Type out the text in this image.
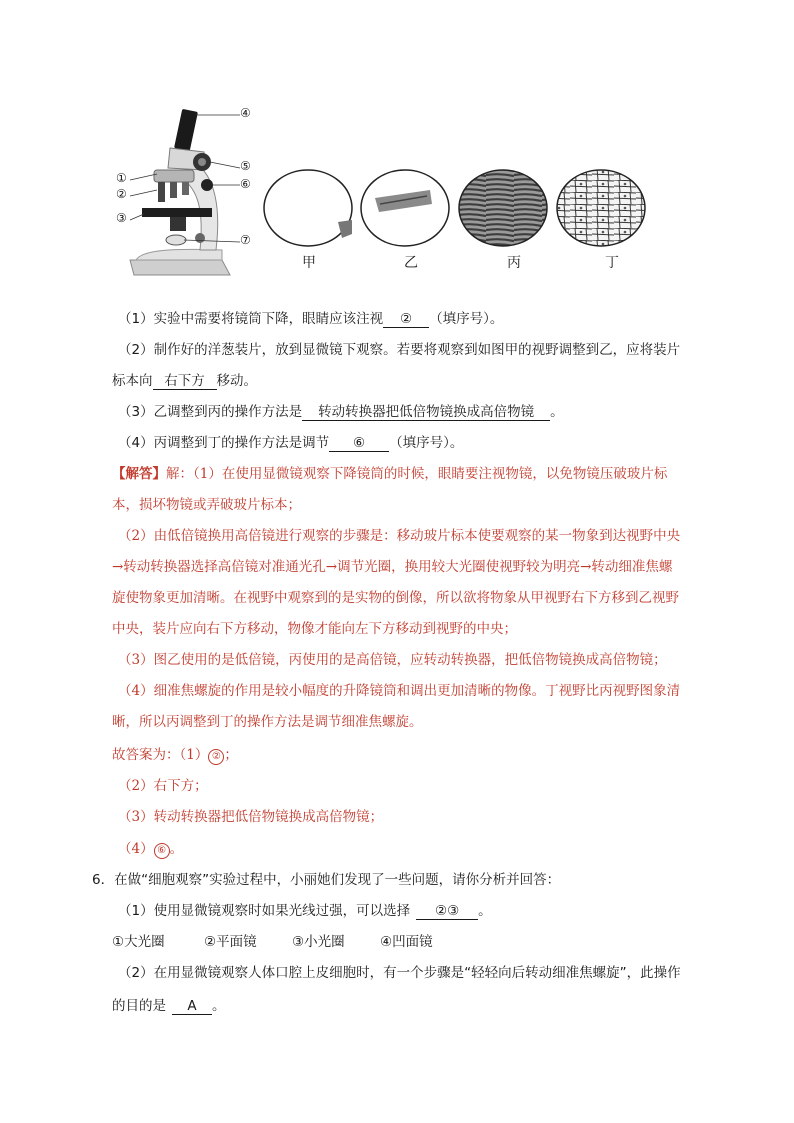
①
②
③
④
⑤
⑥
⑦
甲	乙	丙	丁
（1）实验中需要将镜筒下降，眼睛应该注视 ② （填序号）。
（2）制作好的洋葱装片，放到显微镜下观察。若要将观察到如图甲的视野调整到乙，应将装片
标本向 右下方 移动。
（3）乙调整到丙的操作方法是 转动转换器把低倍物镜换成高倍物镜 。
（4）丙调整到丁的操作方法是调节 ⑥ （填序号）。
【解答】解：（1）在使用显微镜观察下降镜筒的时候，眼睛要注视物镜，以免物镜压破玻片标
本，损坏物镜或弄破玻片标本；
（2）由低倍镜换用高倍镜进行观察的步骤是：移动玻片标本使要观察的某一物象到达视野中央
→转动转换器选择高倍镜对准通光孔→调节光圈，换用较大光圈使视野较为明亮→转动细准焦螺
旋使物象更加清晰。在视野中观察到的是实物的倒像，所以欲将物象从甲视野右下方移到乙视野
中央，装片应向右下方移动，物像才能向左下方移动到视野的中央；
（3）图乙使用的是低倍镜，丙使用的是高倍镜，应转动转换器，把低倍物镜换成高倍物镜；
（4）细准焦螺旋的作用是较小幅度的升降镜筒和调出更加清晰的物像。丁视野比丙视野图象清
晰，所以丙调整到丁的操作方法是调节细准焦螺旋。
故答案为：（1） ② ；
（2）右下方；
（3）转动转换器把低倍物镜换成高倍物镜；
（4） ⑥ 。
6．在做“细胞观察”实验过程中，小丽她们发现了一些问题，请你分析并回答：
（1）使用显微镜观察时如果光线过强，可以选择 ②③ 。
①大光圈	②平面镜	③小光圈	④凹面镜
（2）在用显微镜观察人体口腔上皮细胞时，有一个步骤是“轻轻向后转动细准焦螺旋”，此操作
的目的是 A 。
